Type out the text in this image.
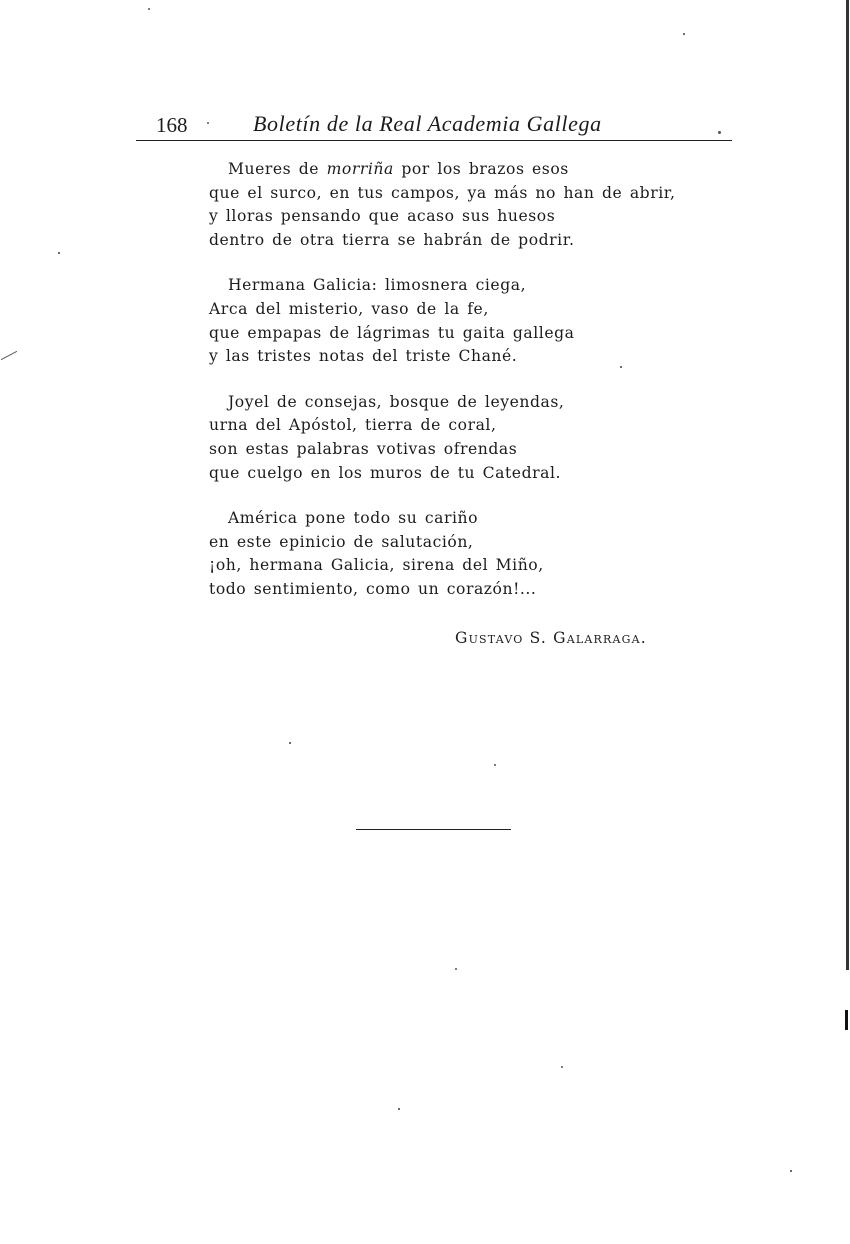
168	Boletín de la Real Academia Gallega
Mueres de morriña por los brazos esos
que el surco, en tus campos, ya más no han de abrir,
y lloras pensando que acaso sus huesos
dentro de otra tierra se habrán de podrir.
Hermana Galicia: limosnera ciega,
Arca del misterio, vaso de la fe,
que empapas de lágrimas tu gaita gallega
y las tristes notas del triste Chané.
Joyel de consejas, bosque de leyendas,
urna del Apóstol, tierra de coral,
son estas palabras votivas ofrendas
que cuelgo en los muros de tu Catedral.
América pone todo su cariño
en este epinicio de salutación,
¡oh, hermana Galicia, sirena del Miño,
todo sentimiento, como un corazón!...
Gustavo S. Galarraga.
